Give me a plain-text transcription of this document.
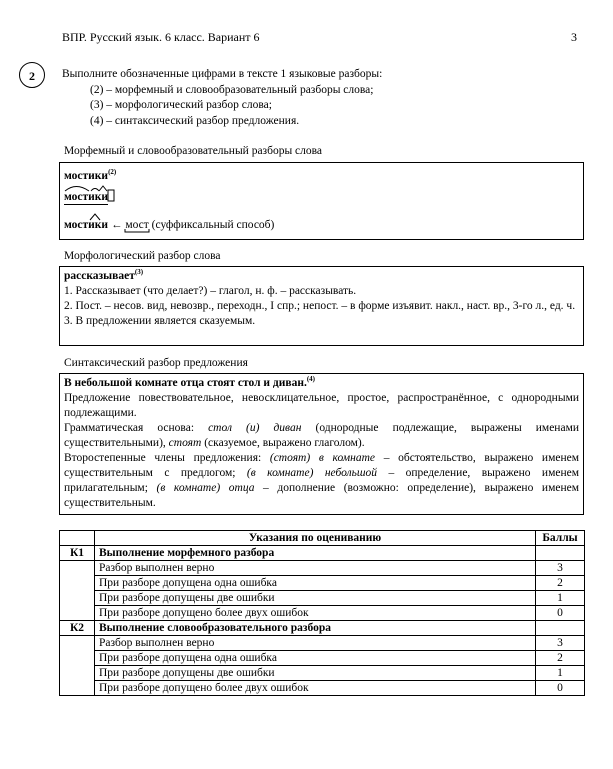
ВПР. Русский язык. 6 класс. Вариант 6	3
2	Выполните обозначенные цифрами в тексте 1 языковые разборы:
(2) – морфемный и словообразовательный разборы слова;
(3) – морфологический разбор слова;
(4) – синтаксический разбор предложения.
Морфемный и словообразовательный разборы слова
мостики$^{(2)}$
мостики
мостики ← мост (суффиксальный способ)
Морфологический разбор слова
рассказывает$^{(3)}$
1. Рассказывает (что делает?) – глагол, н. ф. – рассказывать.
2. Пост. – несов. вид, невозвр., переходн., I спр.; непост. – в форме изъявит. накл., наст. вр., 3-го л., ед. ч.
3. В предложении является сказуемым.
Синтаксический разбор предложения
В небольшой комнате отца стоят стол и диван.$^{(4)}$
Предложение повествовательное, невосклицательное, простое, распространённое, с однородными подлежащими.
Грамматическая основа: стол (и) диван (однородные подлежащие, выражены именами существительными), стоят (сказуемое, выражено глаголом).
Второстепенные члены предложения: (стоят) в комнате – обстоятельство, выражено именем существительным с предлогом; (в комнате) небольшой – определение, выражено именем прилагательным; (в комнате) отца – дополнение (возможно: определение), выражено именем существительным.
	Указания по оцениванию	Баллы
К1	Выполнение морфемного разбора	
	Разбор выполнен верно	3
	При разборе допущена одна ошибка	2
	При разборе допущены две ошибки	1
	При разборе допущено более двух ошибок	0
К2	Выполнение словообразовательного разбора	
	Разбор выполнен верно	3
	При разборе допущена одна ошибка	2
	При разборе допущены две ошибки	1
	При разборе допущено более двух ошибок	0
